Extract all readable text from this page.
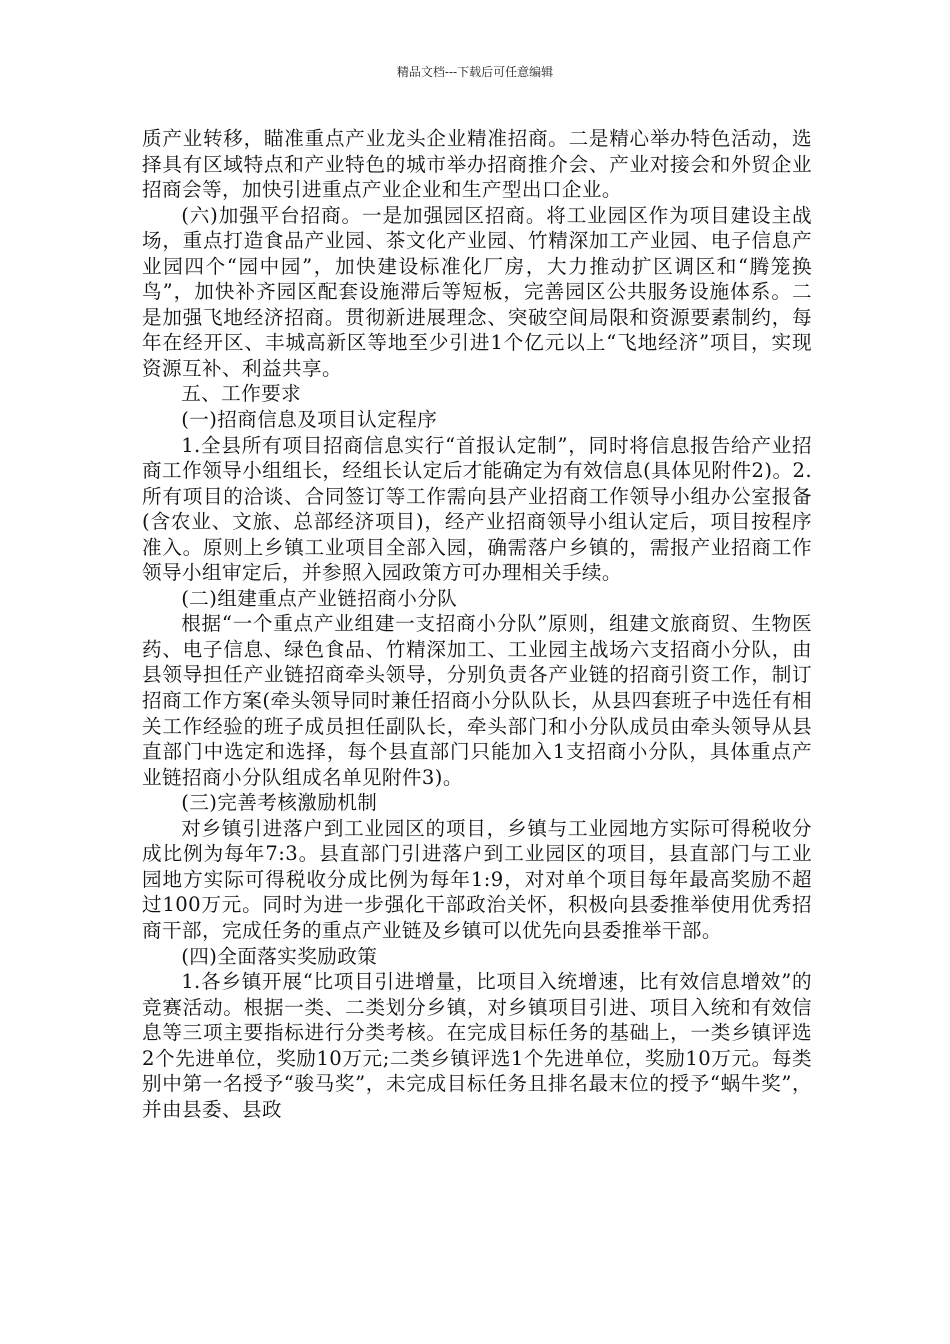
精品文档---下载后可任意编辑

质产业转移，瞄准重点产业龙头企业精准招商。二是精心举办特色活动，选择具有区域特点和产业特色的城市举办招商推介会、产业对接会和外贸企业招商会等，加快引进重点产业企业和生产型出口企业。

(六)加强平台招商。一是加强园区招商。将工业园区作为项目建设主战场，重点打造食品产业园、茶文化产业园、竹精深加工产业园、电子信息产业园四个“园中园”，加快建设标准化厂房，大力推动扩区调区和“腾笼换鸟”，加快补齐园区配套设施滞后等短板，完善园区公共服务设施体系。二是加强飞地经济招商。贯彻新进展理念、突破空间局限和资源要素制约，每年在经开区、丰城高新区等地至少引进1个亿元以上“飞地经济”项目，实现资源互补、利益共享。

五、工作要求

(一)招商信息及项目认定程序

1.全县所有项目招商信息实行“首报认定制”，同时将信息报告给产业招商工作领导小组组长，经组长认定后才能确定为有效信息(具体见附件2)。2.所有项目的洽谈、合同签订等工作需向县产业招商工作领导小组办公室报备(含农业、文旅、总部经济项目)，经产业招商领导小组认定后，项目按程序准入。原则上乡镇工业项目全部入园，确需落户乡镇的，需报产业招商工作领导小组审定后，并参照入园政策方可办理相关手续。

(二)组建重点产业链招商小分队

根据“一个重点产业组建一支招商小分队”原则，组建文旅商贸、生物医药、电子信息、绿色食品、竹精深加工、工业园主战场六支招商小分队，由县领导担任产业链招商牵头领导，分别负责各产业链的招商引资工作，制订招商工作方案(牵头领导同时兼任招商小分队队长，从县四套班子中选任有相关工作经验的班子成员担任副队长，牵头部门和小分队成员由牵头领导从县直部门中选定和选择，每个县直部门只能加入1支招商小分队，具体重点产业链招商小分队组成名单见附件3)。

(三)完善考核激励机制

对乡镇引进落户到工业园区的项目，乡镇与工业园地方实际可得税收分成比例为每年7:3。县直部门引进落户到工业园区的项目，县直部门与工业园地方实际可得税收分成比例为每年1:9，对对单个项目每年最高奖励不超过100万元。同时为进一步强化干部政治关怀，积极向县委推举使用优秀招商干部，完成任务的重点产业链及乡镇可以优先向县委推举干部。

(四)全面落实奖励政策

1.各乡镇开展“比项目引进增量，比项目入统增速，比有效信息增效”的竞赛活动。根据一类、二类划分乡镇，对乡镇项目引进、项目入统和有效信息等三项主要指标进行分类考核。在完成目标任务的基础上，一类乡镇评选2个先进单位，奖励10万元;二类乡镇评选1个先进单位，奖励10万元。每类别中第一名授予“骏马奖”，未完成目标任务且排名最末位的授予“蜗牛奖”，并由县委、县政
